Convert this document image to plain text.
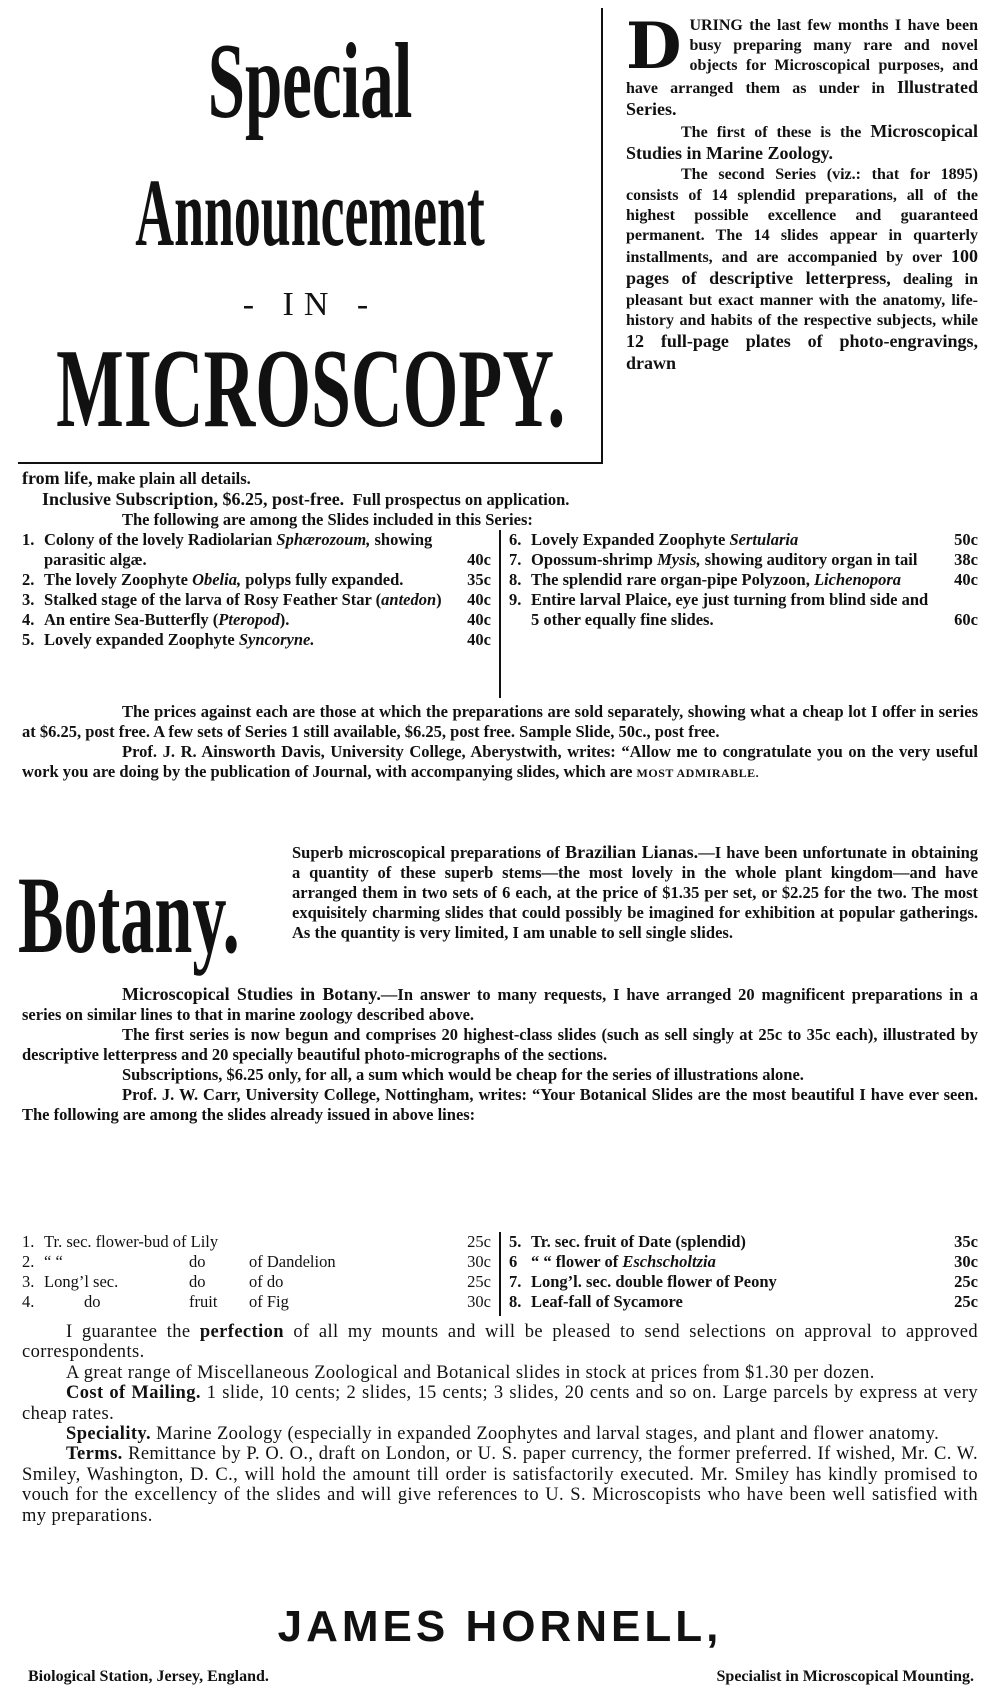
Special
Announcement
- IN -
MICROSCOPY.

DURING the last few months I have been busy preparing many rare and novel objects for Microscopical purposes, and have arranged them as under in Illustrated Series.

The first of these is the Microscopical Studies in Marine Zoology.

The second Series (viz.: that for 1895) consists of 14 splendid preparations, all of the highest possible excellence and guaranteed permanent. The 14 slides appear in quarterly installments, and are accompanied by over 100 pages of descriptive letterpress, dealing in pleasant but exact manner with the anatomy, life-history and habits of the respective subjects, while 12 full-page plates of photo-engravings, drawn

from life, make plain all details.

Inclusive Subscription, $6.25, post-free. Full prospectus on application.

The following are among the Slides included in this Series:

1. Colony of the lovely Radiolarian Sphærozoum, showing parasitic algæ.	40c
2. The lovely Zoophyte Obelia, polyps fully expanded.	35c
3. Stalked stage of the larva of Rosy Feather Star (antedon)	40c
4. An entire Sea-Butterfly (Pteropod).	40c
5. Lovely expanded Zoophyte Syncoryne.	40c
6. Lovely Expanded Zoophyte Sertularia	50c
7. Opossum-shrimp Mysis, showing auditory organ in tail	38c
8. The splendid rare organ-pipe Polyzoon, Lichenopora	40c
9. Entire larval Plaice, eye just turning from blind side and 5 other equally fine slides.	60c

The prices against each are those at which the preparations are sold separately, showing what a cheap lot I offer in series at $6.25, post free. A few sets of Series 1 still available, $6.25, post free. Sample Slide, 50c., post free.

Prof. J. R. Ainsworth Davis, University College, Aberystwith, writes: “Allow me to congratulate you on the very useful work you are doing by the publication of Journal, with accompanying slides, which are MOST ADMIRABLE.

Botany.
Superb microscopical preparations of Brazilian Lianas.—I have been unfortunate in obtaining a quantity of these superb stems—the most lovely in the whole plant kingdom—and have arranged them in two sets of 6 each, at the price of $1.35 per set, or $2.25 for the two. The most exquisitely charming slides that could possibly be imagined for exhibition at popular gatherings. As the quantity is very limited, I am unable to sell single slides.

Microscopical Studies in Botany.—In answer to many requests, I have arranged 20 magnificent preparations in a series on similar lines to that in marine zoology described above.

The first series is now begun and comprises 20 highest-class slides (such as sell singly at 25c to 35c each), illustrated by descriptive letterpress and 20 specially beautiful photo-micrographs of the sections.

Subscriptions, $6.25 only, for all, a sum which would be cheap for the series of illustrations alone.

Prof. J. W. Carr, University College, Nottingham, writes: “Your Botanical Slides are the most beautiful I have ever seen. The following are among the slides already issued in above lines:

1. Tr. sec. flower-bud of Lily	25c
2. “ “	do	of Dandelion	30c
3. Long’l sec.	do	of do	25c
4.	do	fruit	of Fig	30c
5. Tr. sec. fruit of Date (splendid)	35c
6 “ “ flower of Eschscholtzia	30c
7. Long’l. sec. double flower of Peony	25c
8. Leaf-fall of Sycamore	25c

I guarantee the perfection of all my mounts and will be pleased to send selections on approval to approved correspondents.

A great range of Miscellaneous Zoological and Botanical slides in stock at prices from $1.30 per dozen.

Cost of Mailing. 1 slide, 10 cents; 2 slides, 15 cents; 3 slides, 20 cents and so on. Large parcels by express at very cheap rates.

Speciality. Marine Zoology (especially in expanded Zoophytes and larval stages, and plant and flower anatomy.

Terms. Remittance by P. O. O., draft on London, or U. S. paper currency, the former preferred. If wished, Mr. C. W. Smiley, Washington, D. C., will hold the amount till order is satisfactorily executed. Mr. Smiley has kindly promised to vouch for the excellency of the slides and will give references to U. S. Microscopists who have been well satisfied with my preparations.

JAMES HORNELL,
Biological Station, Jersey, England.	Specialist in Microscopical Mounting.
